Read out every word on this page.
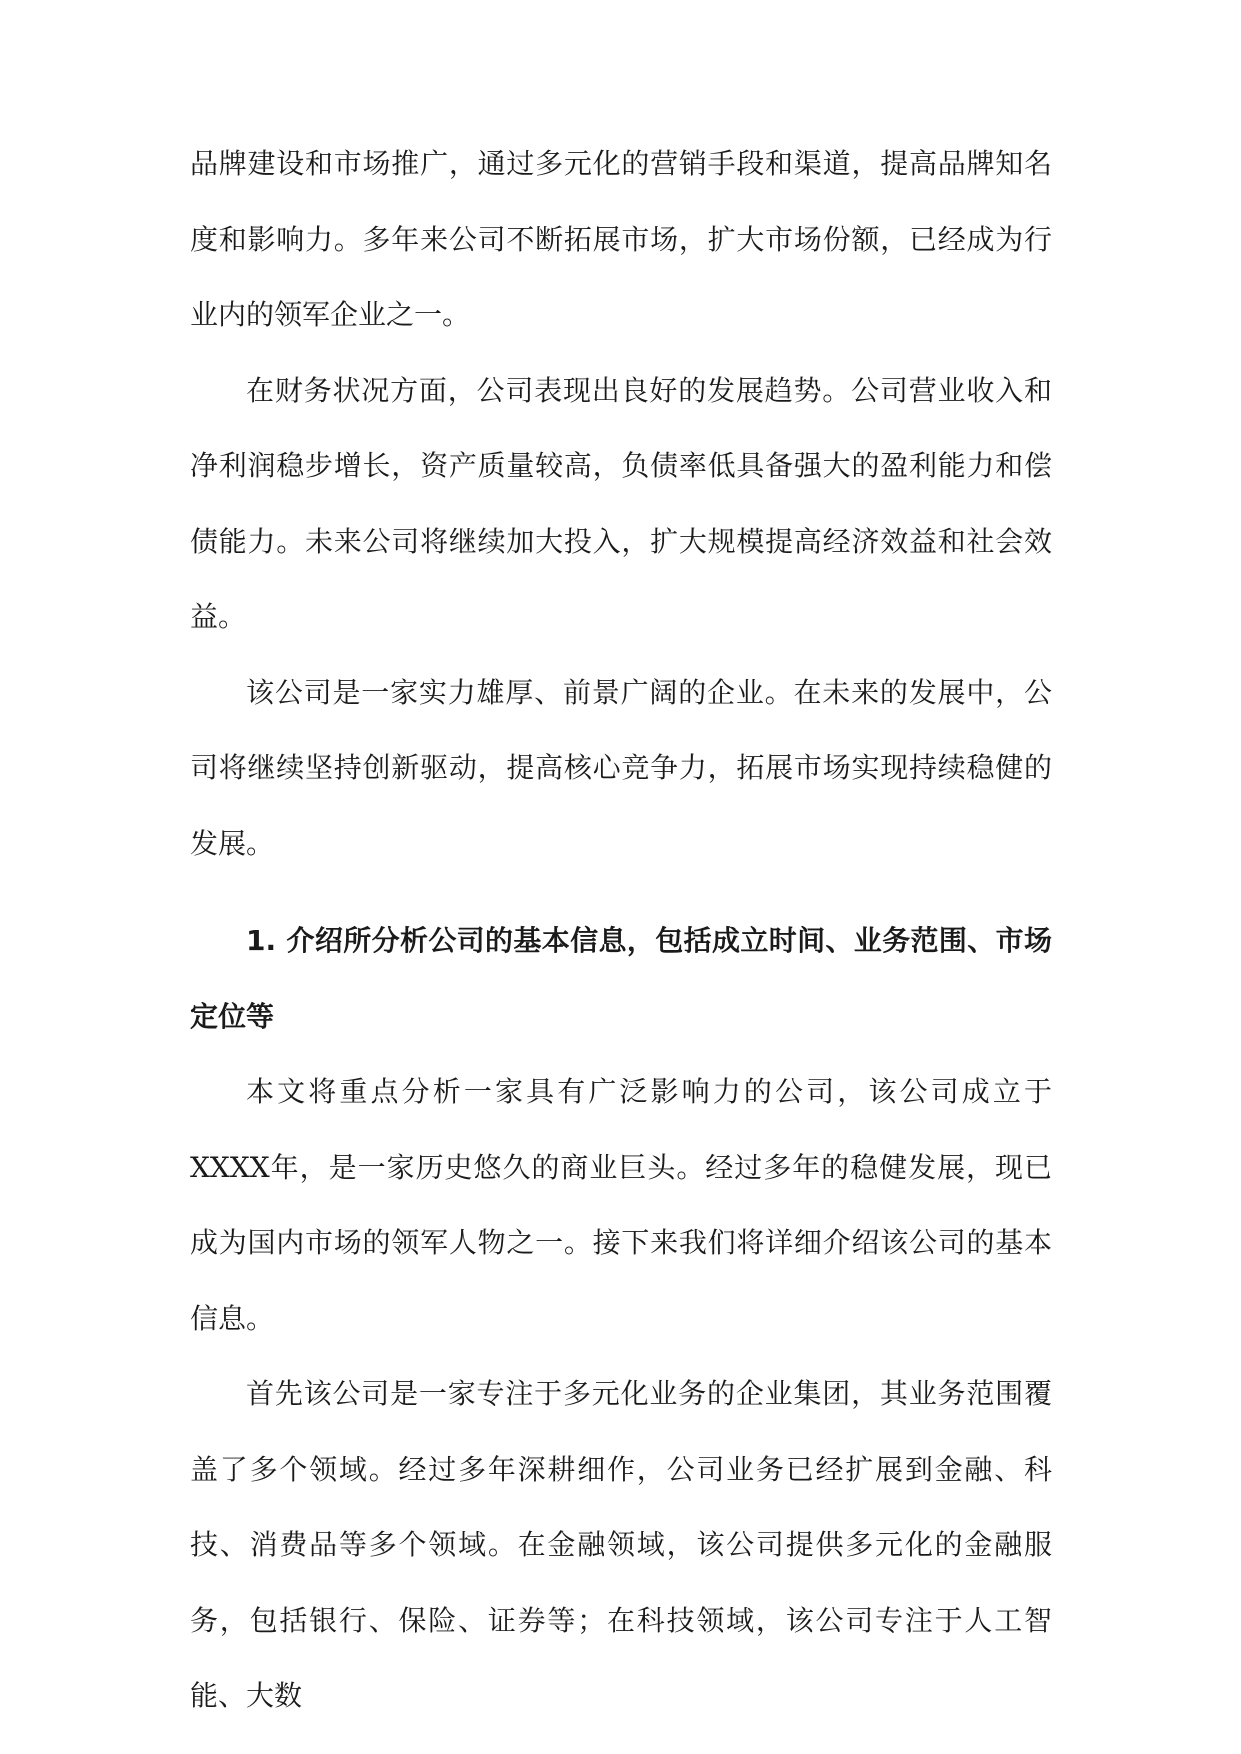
品牌建设和市场推广，通过多元化的营销手段和渠道，提高品牌知名度和影响力。多年来公司不断拓展市场，扩大市场份额，已经成为行业内的领军企业之一。

在财务状况方面，公司表现出良好的发展趋势。公司营业收入和净利润稳步增长，资产质量较高，负债率低具备强大的盈利能力和偿债能力。未来公司将继续加大投入，扩大规模提高经济效益和社会效益。

该公司是一家实力雄厚、前景广阔的企业。在未来的发展中，公司将继续坚持创新驱动，提高核心竞争力，拓展市场实现持续稳健的发展。

1. 介绍所分析公司的基本信息，包括成立时间、业务范围、市场定位等

本文将重点分析一家具有广泛影响力的公司，该公司成立于XXXX年，是一家历史悠久的商业巨头。经过多年的稳健发展，现已成为国内市场的领军人物之一。接下来我们将详细介绍该公司的基本信息。

首先该公司是一家专注于多元化业务的企业集团，其业务范围覆盖了多个领域。经过多年深耕细作，公司业务已经扩展到金融、科技、消费品等多个领域。在金融领域，该公司提供多元化的金融服务，包括银行、保险、证券等；在科技领域，该公司专注于人工智能、大数
